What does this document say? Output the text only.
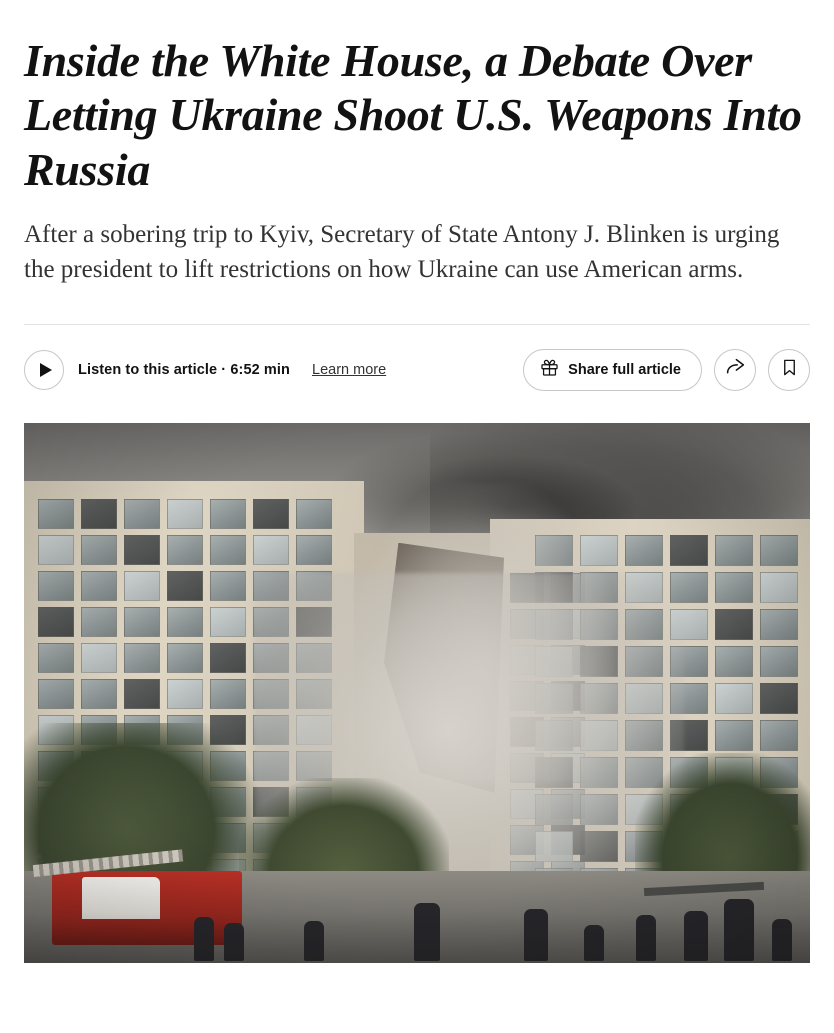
Inside the White House, a Debate Over Letting Ukraine Shoot U.S. Weapons Into Russia

After a sobering trip to Kyiv, Secretary of State Antony J. Blinken is urging the president to lift restrictions on how Ukraine can use American arms.

Listen to this article · 6:52 min Learn more	Share full article
